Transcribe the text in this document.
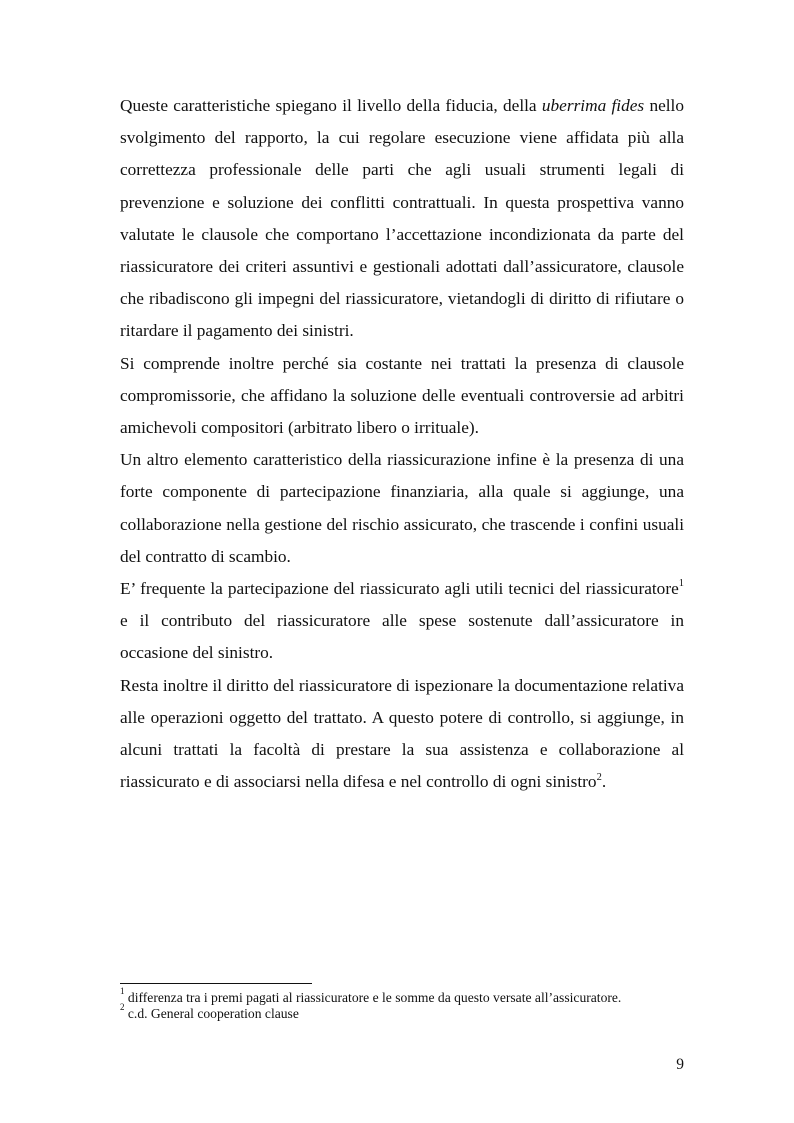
Queste caratteristiche spiegano il livello della fiducia, della uberrima fides nello svolgimento del rapporto, la cui regolare esecuzione viene affidata più alla correttezza professionale delle parti che agli usuali strumenti legali di prevenzione e soluzione dei conflitti contrattuali. In questa prospettiva vanno valutate le clausole che comportano l’accettazione incondizionata da parte del riassicuratore dei criteri assuntivi e gestionali adottati dall’assicuratore, clausole che ribadiscono gli impegni del riassicuratore, vietandogli di diritto di rifiutare o ritardare il pagamento dei sinistri.

Si comprende inoltre perché sia costante nei trattati la presenza di clausole compromissorie, che affidano la soluzione delle eventuali controversie ad arbitri amichevoli compositori (arbitrato libero o irrituale).

Un altro elemento caratteristico della riassicurazione infine è la presenza di una forte componente di partecipazione finanziaria, alla quale si aggiunge, una collaborazione nella gestione del rischio assicurato, che trascende i confini usuali del contratto di scambio.

E’ frequente la partecipazione del riassicurato agli utili tecnici del riassicuratore$^1$ e il contributo del riassicuratore alle spese sostenute dall’assicuratore in occasione del sinistro.

Resta inoltre il diritto del riassicuratore di ispezionare la documentazione relativa alle operazioni oggetto del trattato. A questo potere di controllo, si aggiunge, in alcuni trattati la facoltà di prestare la sua assistenza e collaborazione al riassicurato e di associarsi nella difesa e nel controllo di ogni sinistro$^2$.

$^1$ differenza tra i premi pagati al riassicuratore e le somme da questo versate all’assicuratore.

$^2$ c.d. General cooperation clause

9
